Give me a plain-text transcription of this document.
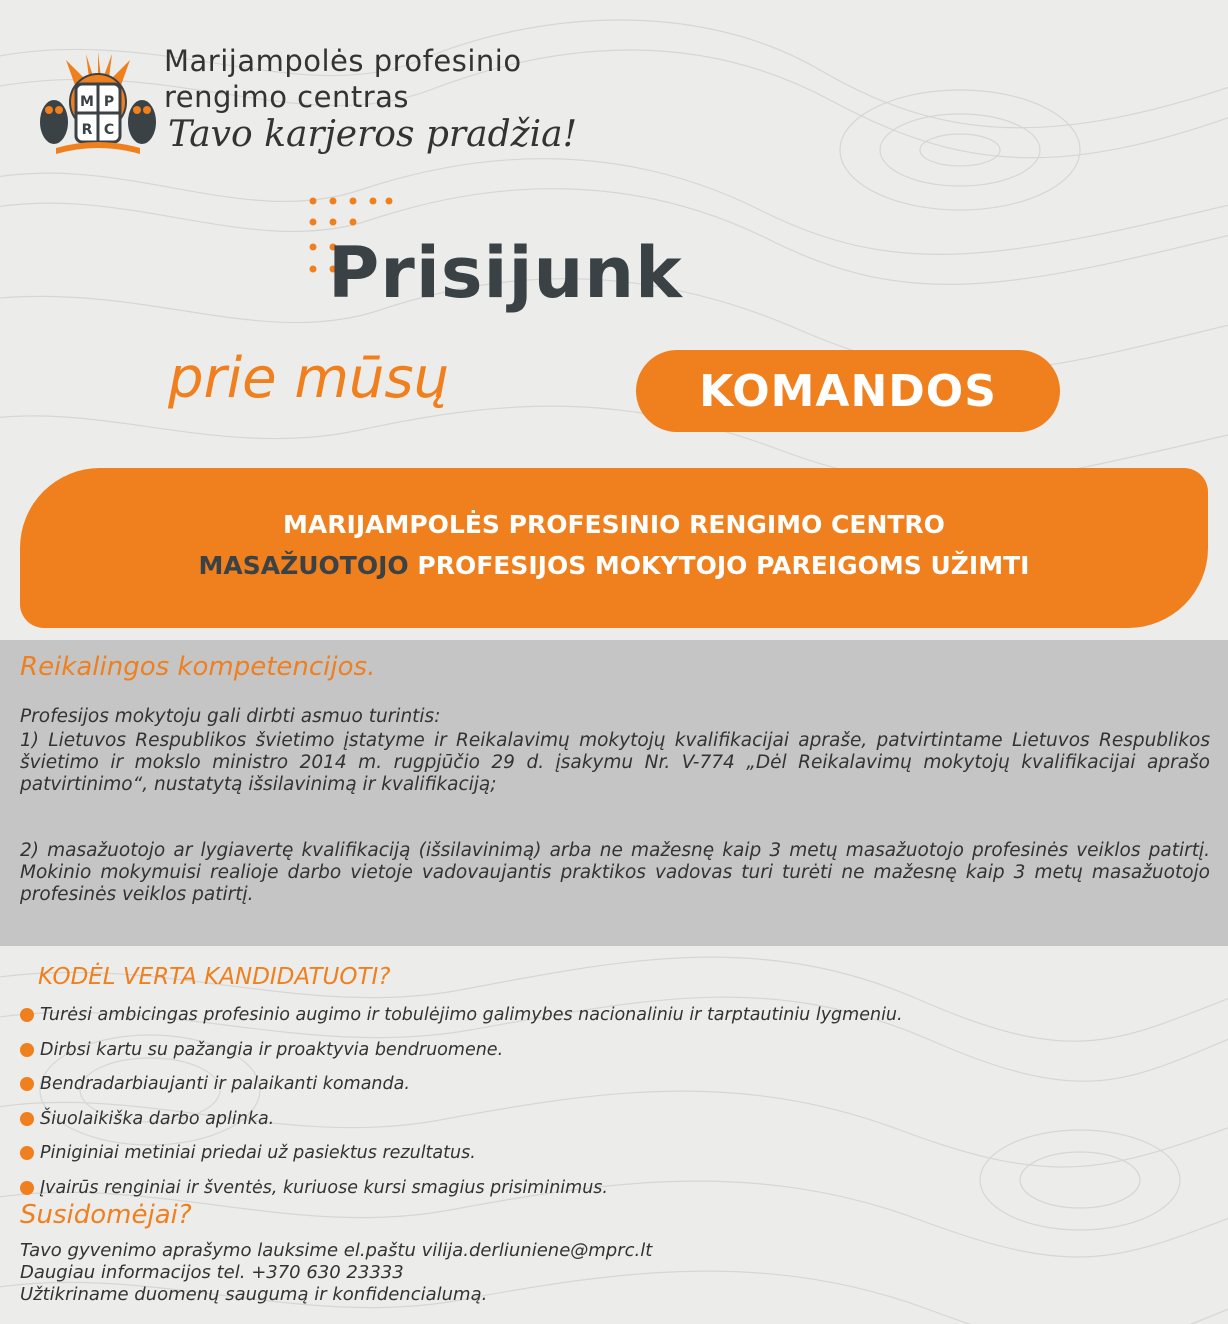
M P
R C
Marijampolės profesinio
rengimo centras
Tavo karjeros pradžia!
Prisijunk
prie mūsų	KOMANDOS
MARIJAMPOLĖS PROFESINIO RENGIMO CENTRO
MASAŽUOTOJO PROFESIJOS MOKYTOJO PAREIGOMS UŽIMTI
Reikalingos kompetencijos.
Profesijos mokytoju gali dirbti asmuo turintis:
1) Lietuvos Respublikos švietimo įstatyme ir Reikalavimų mokytojų kvalifikacijai apraše, patvirtintame Lietuvos Respublikos švietimo ir mokslo ministro 2014 m. rugpjūčio 29 d. įsakymu Nr. V-774 „Dėl Reikalavimų mokytojų kvalifikacijai aprašo patvirtinimo“, nustatytą išsilavinimą ir kvalifikaciją;
2) masažuotojo ar lygiavertę kvalifikaciją (išsilavinimą) arba ne mažesnę kaip 3 metų masažuotojo profesinės veiklos patirtį. Mokinio mokymuisi realioje darbo vietoje vadovaujantis praktikos vadovas turi turėti ne mažesnę kaip 3 metų masažuotojo profesinės veiklos patirtį.
KODĖL VERTA KANDIDATUOTI?
Turėsi ambicingas profesinio augimo ir tobulėjimo galimybes nacionaliniu ir tarptautiniu lygmeniu.
Dirbsi kartu su pažangia ir proaktyvia bendruomene.
Bendradarbiaujanti ir palaikanti komanda.
Šiuolaikiška darbo aplinka.
Piniginiai metiniai priedai už pasiektus rezultatus.
Įvairūs renginiai ir šventės, kuriuose kursi smagius prisiminimus.
Susidomėjai?
Tavo gyvenimo aprašymo lauksime el.paštu vilija.derliuniene@mprc.lt
Daugiau informacijos tel. +370 630 23333
Užtikriname duomenų saugumą ir konfidencialumą.
